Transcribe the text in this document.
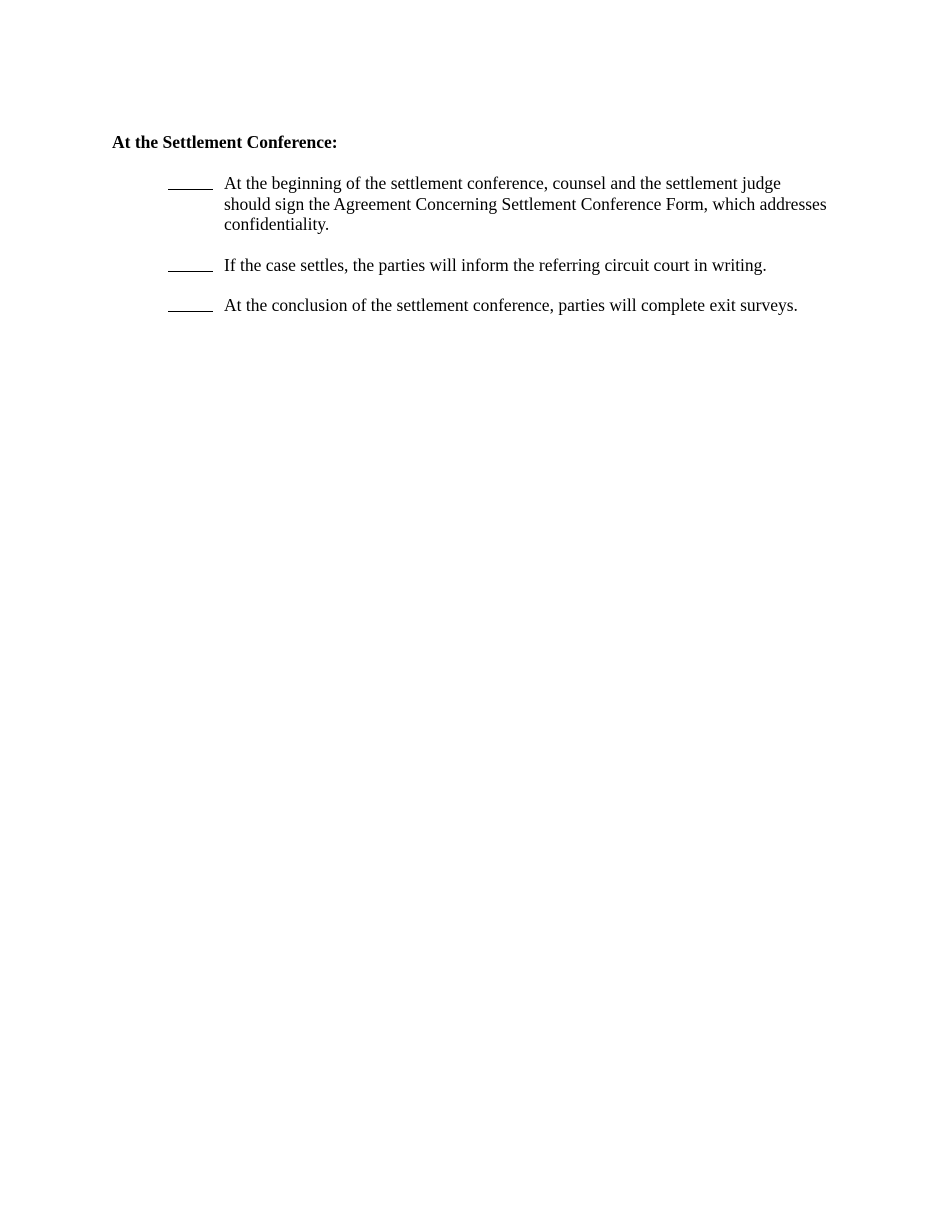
At the Settlement Conference:
At the beginning of the settlement conference, counsel and the settlement judge should sign the Agreement Concerning Settlement Conference Form, which addresses confidentiality.
If the case settles, the parties will inform the referring circuit court in writing.
At the conclusion of the settlement conference, parties will complete exit surveys.
